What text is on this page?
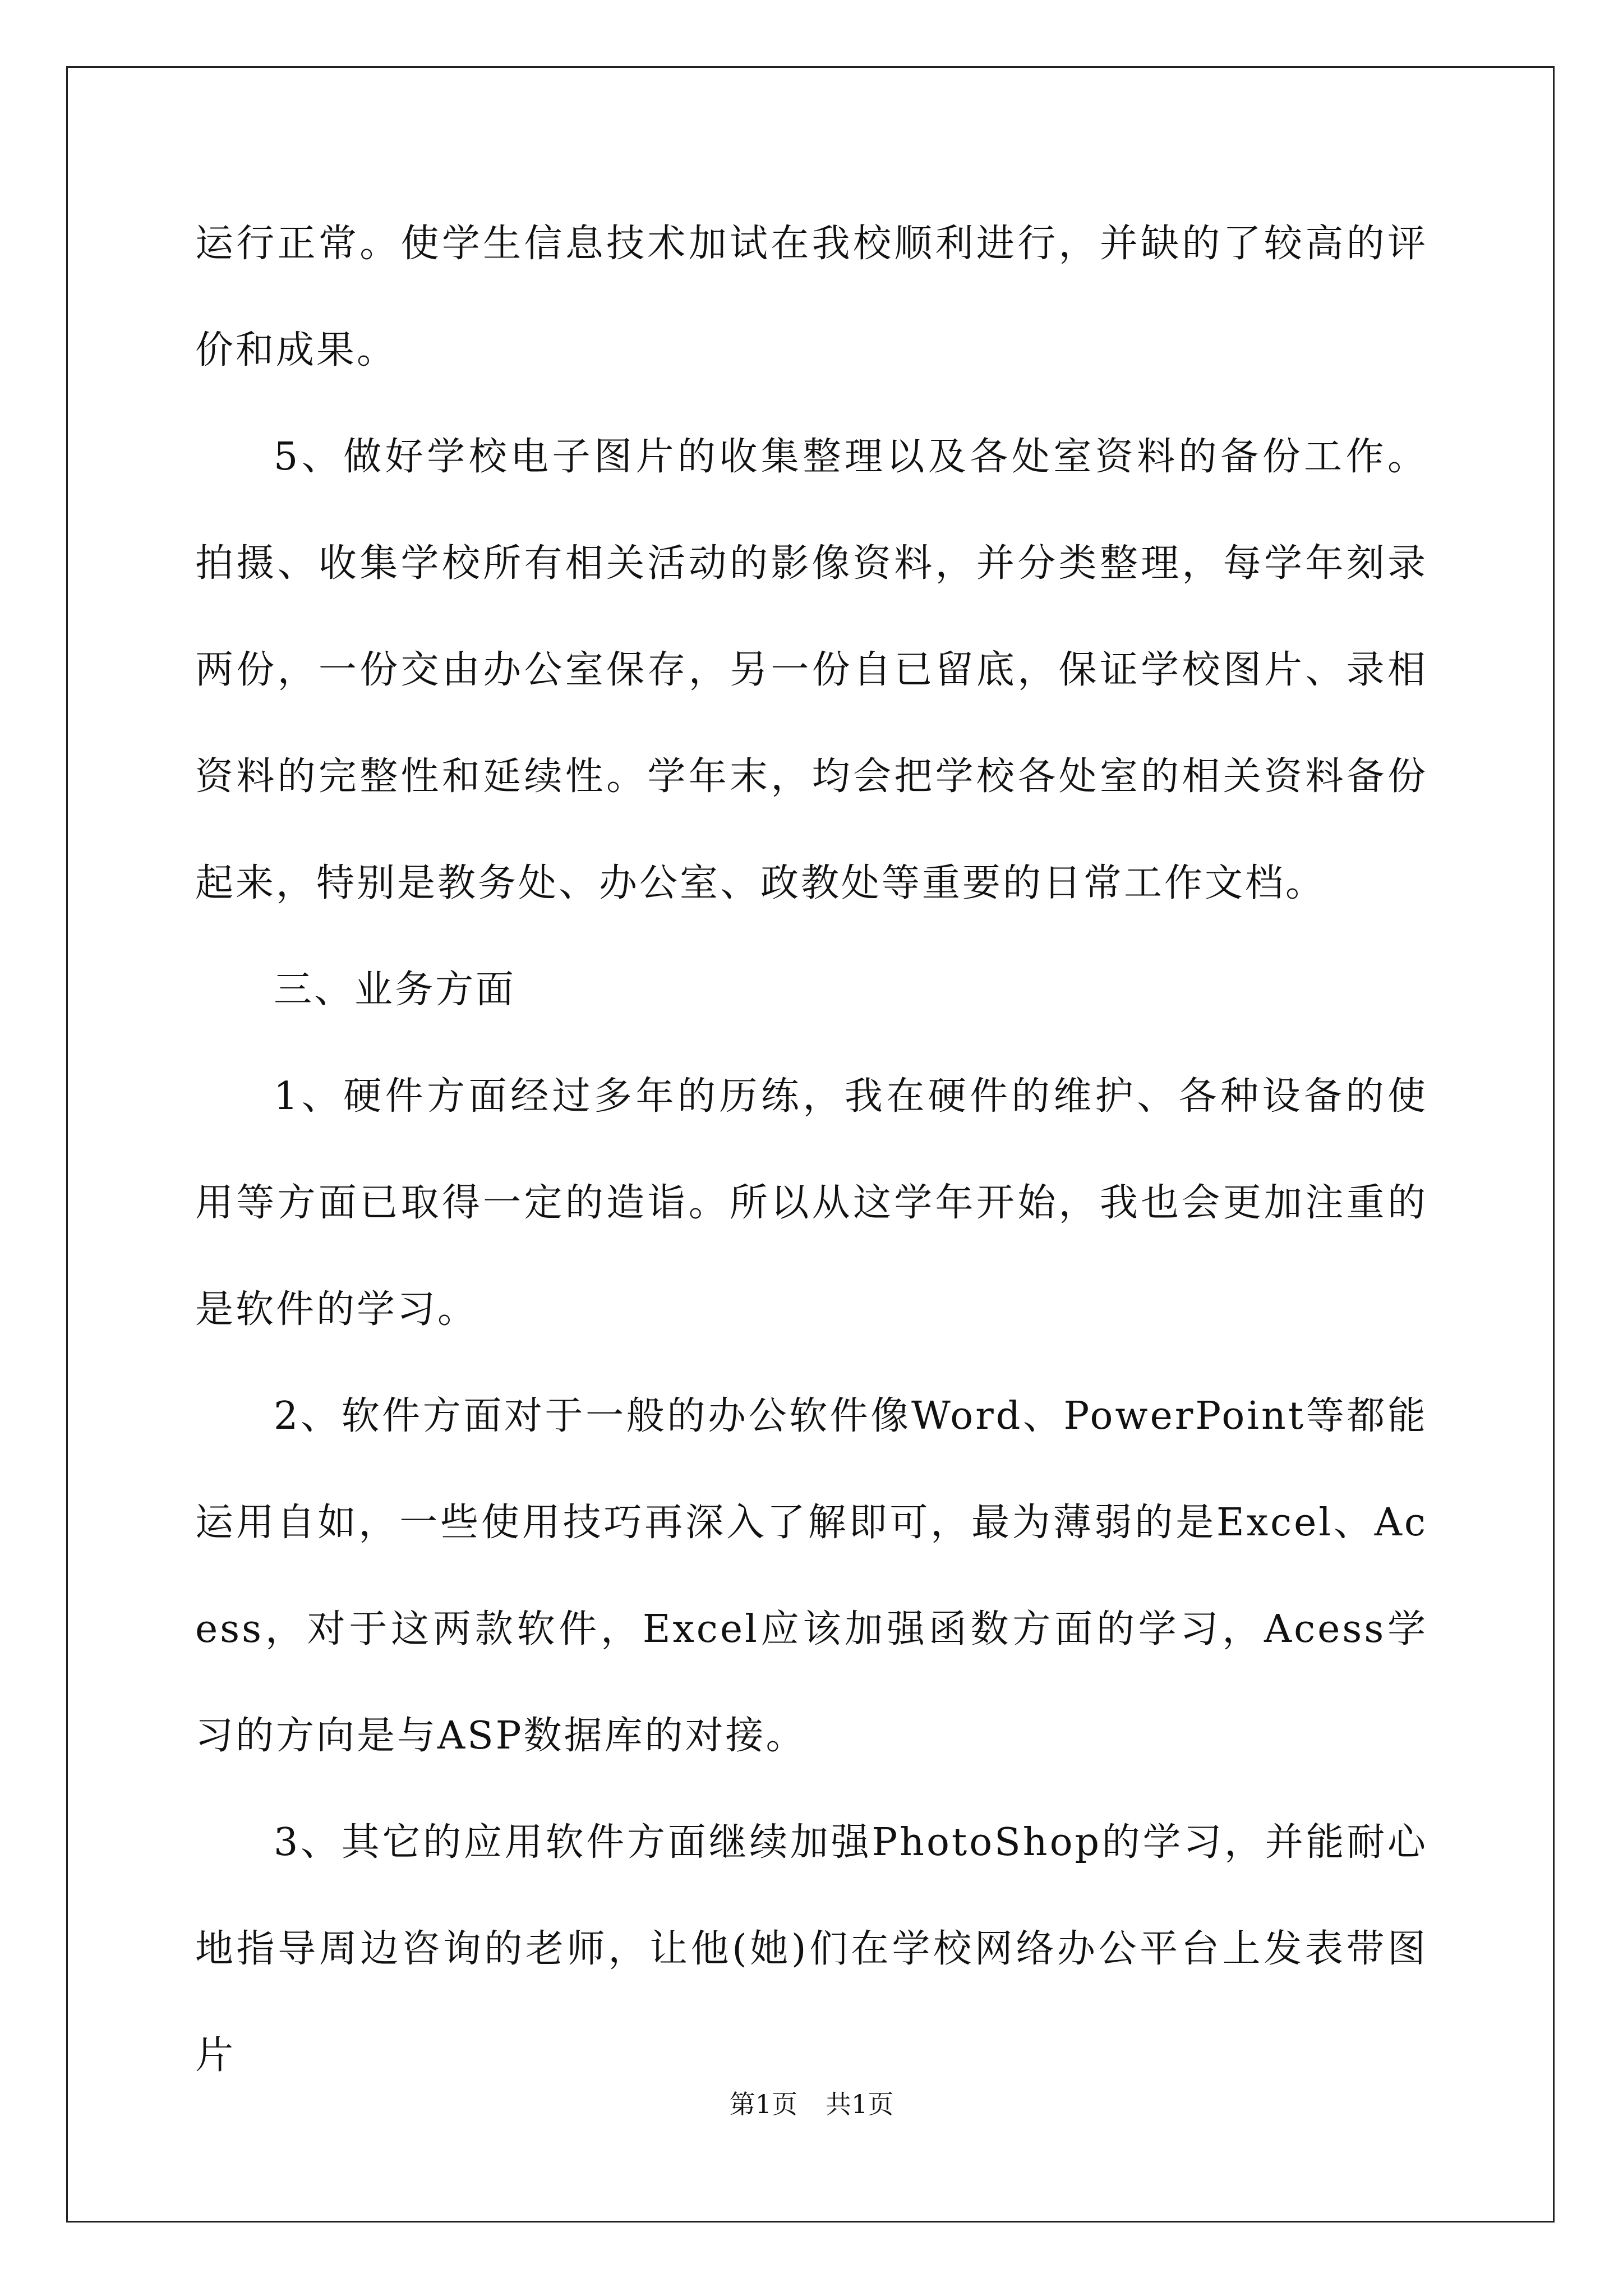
运行正常。使学生信息技术加试在我校顺利进行，并缺的了较高的评价和成果。

5、做好学校电子图片的收集整理以及各处室资料的备份工作。拍摄、收集学校所有相关活动的影像资料，并分类整理，每学年刻录两份，一份交由办公室保存，另一份自已留底，保证学校图片、录相资料的完整性和延续性。学年末，均会把学校各处室的相关资料备份起来，特别是教务处、办公室、政教处等重要的日常工作文档。

三、业务方面

1、硬件方面经过多年的历练，我在硬件的维护、各种设备的使用等方面已取得一定的造诣。所以从这学年开始，我也会更加注重的是软件的学习。

2、软件方面对于一般的办公软件像Word、PowerPoint等都能运用自如，一些使用技巧再深入了解即可，最为薄弱的是Excel、Acess，对于这两款软件，Excel应该加强函数方面的学习，Acess学习的方向是与ASP数据库的对接。

3、其它的应用软件方面继续加强PhotoShop的学习，并能耐心地指导周边咨询的老师，让他(她)们在学校网络办公平台上发表带图片

第1页 共1页
